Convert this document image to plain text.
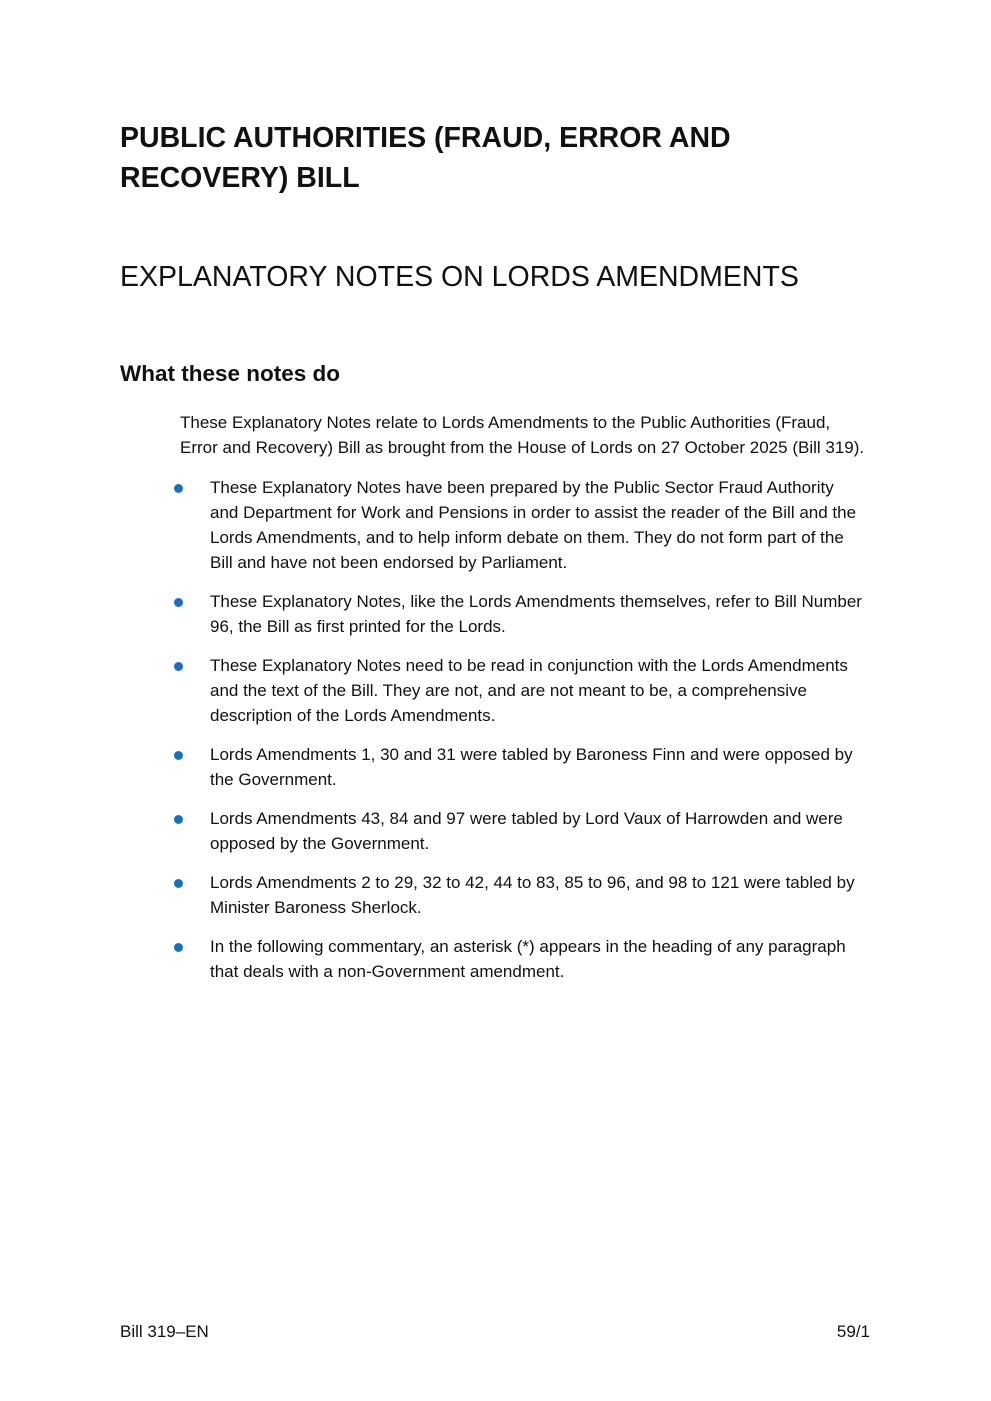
PUBLIC AUTHORITIES (FRAUD, ERROR AND RECOVERY) BILL
EXPLANATORY NOTES ON LORDS AMENDMENTS
What these notes do

These Explanatory Notes relate to Lords Amendments to the Public Authorities (Fraud, Error and Recovery) Bill as brought from the House of Lords on 27 October 2025 (Bill 319).

These Explanatory Notes have been prepared by the Public Sector Fraud Authority and Department for Work and Pensions in order to assist the reader of the Bill and the Lords Amendments, and to help inform debate on them. They do not form part of the Bill and have not been endorsed by Parliament.
These Explanatory Notes, like the Lords Amendments themselves, refer to Bill Number 96, the Bill as first printed for the Lords.
These Explanatory Notes need to be read in conjunction with the Lords Amendments and the text of the Bill. They are not, and are not meant to be, a comprehensive description of the Lords Amendments.
Lords Amendments 1, 30 and 31 were tabled by Baroness Finn and were opposed by the Government.
Lords Amendments 43, 84 and 97 were tabled by Lord Vaux of Harrowden and were opposed by the Government.
Lords Amendments 2 to 29, 32 to 42, 44 to 83, 85 to 96, and 98 to 121 were tabled by Minister Baroness Sherlock.
In the following commentary, an asterisk (*) appears in the heading of any paragraph that deals with a non-Government amendment.
Bill 319–EN	59/1
